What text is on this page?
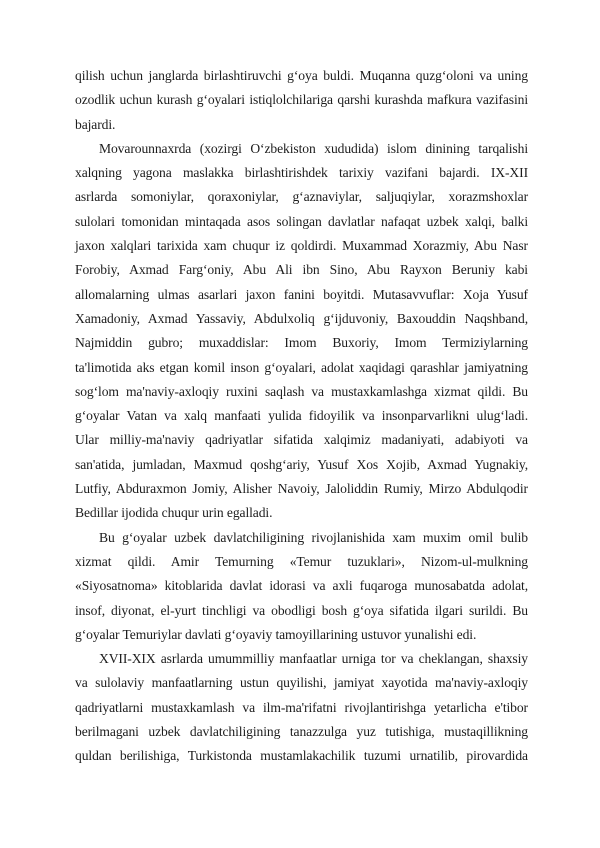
qilish uchun janglarda birlashtiruvchi g‘oya buldi. Muqanna quzg‘oloni va uning
ozodlik uchun kurash g‘oyalari istiqlolchilariga qarshi kurashda mafkura vazifasini
bajardi.
Movarounnaxrda (xozirgi O‘zbekiston xududida) islom dinining tarqalishi
xalqning yagona maslakka birlashtirishdek tarixiy vazifani bajardi. IX-XII
asrlarda somoniylar, qoraxoniylar, g‘aznaviylar, saljuqiylar, xorazmshoxlar
sulolari tomonidan mintaqada asos solingan davlatlar nafaqat uzbek xalqi, balki
jaxon xalqlari tarixida xam chuqur iz qoldirdi. Muxammad Xorazmiy, Abu Nasr
Forobiy, Axmad Farg‘oniy, Abu Ali ibn Sino, Abu Rayxon Beruniy kabi
allomalarning ulmas asarlari jaxon fanini boyitdi. Mutasavvuflar: Xoja Yusuf
Xamadoniy, Axmad Yassaviy, Abdulxoliq g‘ijduvoniy, Baxouddin Naqshband,
Najmiddin gubro; muxaddislar: Imom Buxoriy, Imom Termiziylarning
ta'limotida aks etgan komil inson g‘oyalari, adolat xaqidagi qarashlar jamiyatning
sog‘lom ma'naviy-axloqiy ruxini saqlash va mustaxkamlashga xizmat qildi. Bu
g‘oyalar Vatan va xalq manfaati yulida fidoyilik va insonparvarlikni ulug‘ladi.
Ular milliy-ma'naviy qadriyatlar sifatida xalqimiz madaniyati, adabiyoti va
san'atida, jumladan, Maxmud qoshg‘ariy, Yusuf Xos Xojib, Axmad Yugnakiy,
Lutfiy, Abduraxmon Jomiy, Alisher Navoiy, Jaloliddin Rumiy, Mirzo Abdulqodir
Bedillar ijodida chuqur urin egalladi.
Bu g‘oyalar uzbek davlatchiligining rivojlanishida xam muxim omil bulib
xizmat qildi. Amir Temurning «Temur tuzuklari», Nizom-ul-mulkning
«Siyosatnoma» kitoblarida davlat idorasi va axli fuqaroga munosabatda adolat,
insof, diyonat, el-yurt tinchligi va obodligi bosh g‘oya sifatida ilgari surildi. Bu
g‘oyalar Temuriylar davlati g‘oyaviy tamoyillarining ustuvor yunalishi edi.
XVII-XIX asrlarda umummilliy manfaatlar urniga tor va cheklangan, shaxsiy
va sulolaviy manfaatlarning ustun quyilishi, jamiyat xayotida ma'naviy-axloqiy
qadriyatlarni mustaxkamlash va ilm-ma'rifatni rivojlantirishga yetarlicha e'tibor
berilmagani uzbek davlatchiligining tanazzulga yuz tutishiga, mustaqillikning
quldan berilishiga, Turkistonda mustamlakachilik tuzumi urnatilib, pirovardida
